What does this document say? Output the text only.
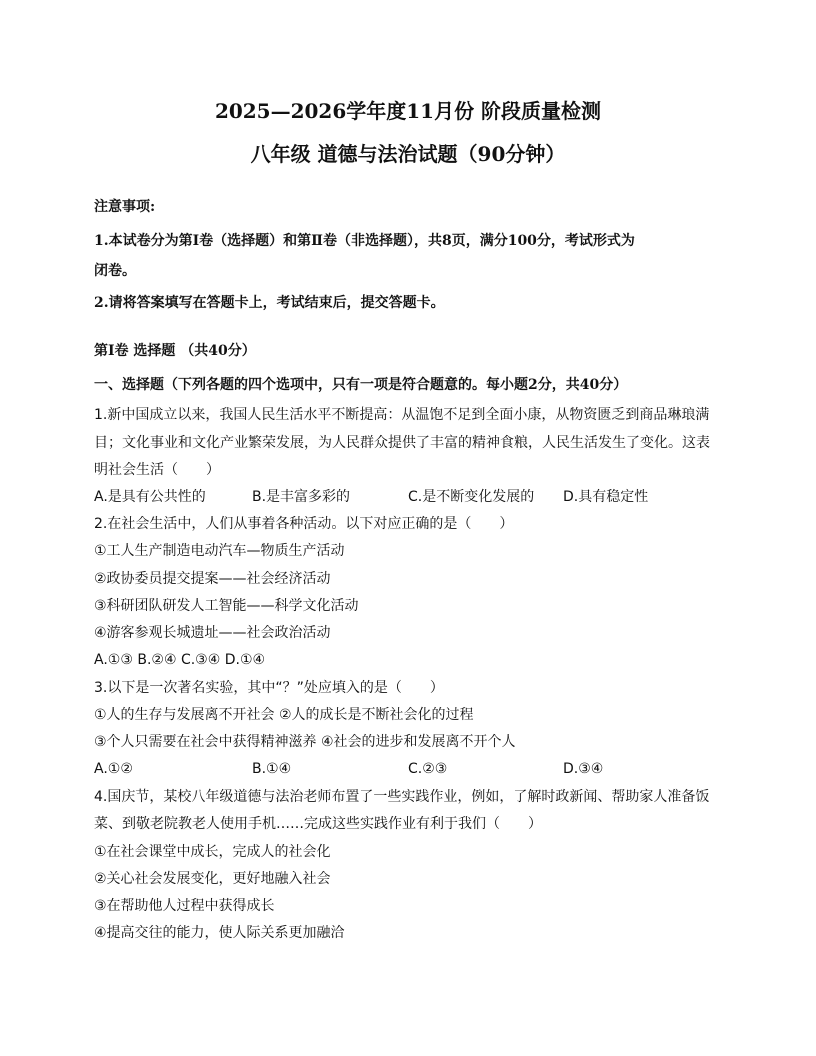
2025—2026学年度11月份 阶段质量检测
八年级 道德与法治试题（90分钟）
注意事项:
1.本试卷分为第Ⅰ卷（选择题）和第Ⅱ卷（非选择题），共8页，满分100分，考试形式为
闭卷。
2.请将答案填写在答题卡上，考试结束后，提交答题卡。
第Ⅰ卷 选择题 （共40分）
一、选择题（下列各题的四个选项中，只有一项是符合题意的。每小题2分，共40分）
1.新中国成立以来，我国人民生活水平不断提高：从温饱不足到全面小康，从物资匮乏到商品琳琅满
目；文化事业和文化产业繁荣发展，为人民群众提供了丰富的精神食粮，人民生活发生了变化。这表
明社会生活（　　）
A.是具有公共性的	B.是丰富多彩的	C.是不断变化发展的 D.具有稳定性
2.在社会生活中，人们从事着各种活动。以下对应正确的是（　　）
①工人生产制造电动汽车—物质生产活动
②政协委员提交提案——社会经济活动
③科研团队研发人工智能——科学文化活动
④游客参观长城遗址——社会政治活动
A.①③ B.②④ C.③④ D.①④
3.以下是一次著名实验，其中“？”处应填入的是（　　）
①人的生存与发展离不开社会 ②人的成长是不断社会化的过程
③个人只需要在社会中获得精神滋养 ④社会的进步和发展离不开个人
A.①②	B.①④	C.②③	D.③④
4.国庆节，某校八年级道德与法治老师布置了一些实践作业，例如，了解时政新闻、帮助家人准备饭
菜、到敬老院教老人使用手机……完成这些实践作业有利于我们（　　）
①在社会课堂中成长，完成人的社会化
②关心社会发展变化，更好地融入社会
③在帮助他人过程中获得成长
④提高交往的能力，使人际关系更加融洽
